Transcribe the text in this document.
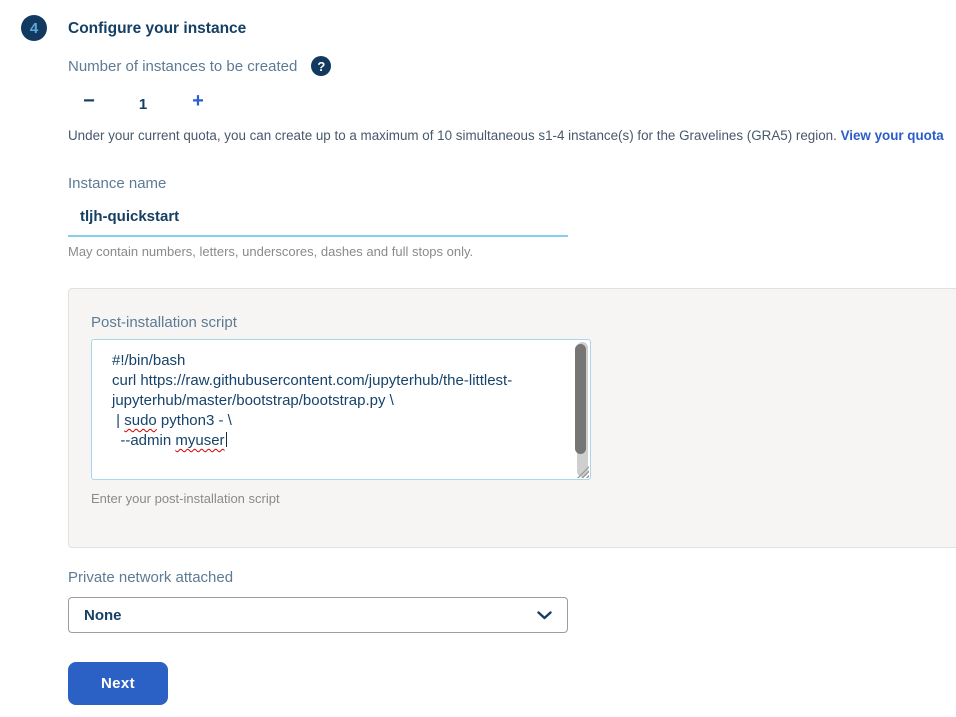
4 Configure your instance
Number of instances to be created	?
−	1	+
Under your current quota, you can create up to a maximum of 10 simultaneous s1-4 instance(s) for the Gravelines (GRA5) region. View your quota
Instance name
tljh-quickstart
May contain numbers, letters, underscores, dashes and full stops only.
Post-installation script
#!/bin/bash
curl https://raw.githubusercontent.com/jupyterhub/the-littlest-
jupyterhub/master/bootstrap/bootstrap.py \
| sudo python3 - \
--admin myuser
Enter your post-installation script
Private network attached
None
Next
